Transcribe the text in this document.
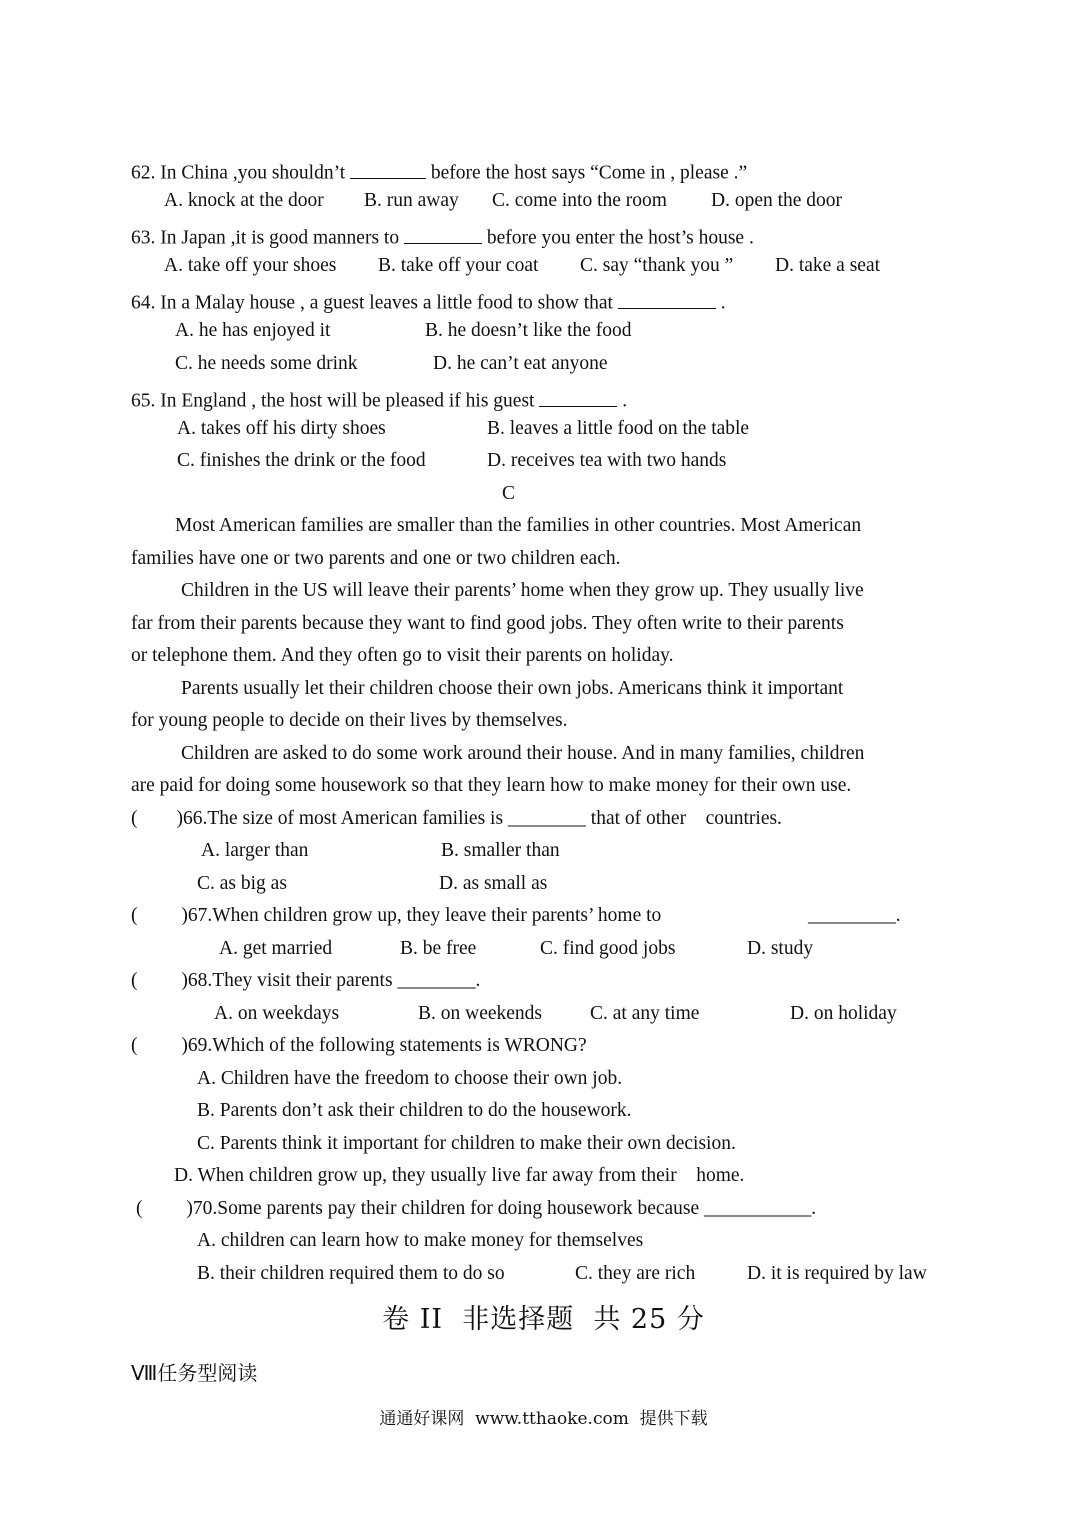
62. In China ,you shouldn’t	before the host says “Come in , please .”
A. knock at the door B. run away C. come into the room D. open the door
63. In Japan ,it is good manners to	before you enter the host’s house .
A. take off your shoes B. take off your coat C. say “thank you ” D. take a seat
64. In a Malay house , a guest leaves a little food to show that	.
A. he has enjoyed it	B. he doesn’t like the food
C. he needs some drink	D. he can’t eat anyone
65. In England , the host will be pleased if his guest	.
A. takes off his dirty shoes	B. leaves a little food on the table
C. finishes the drink or the food	D. receives tea with two hands
C
Most American families are smaller than the families in other countries. Most American
families have one or two parents and one or two children each.
Children in the US will leave their parents’ home when they grow up. They usually live
far from their parents because they want to find good jobs. They often write to their parents
or telephone them. And they often go to visit their parents on holiday.
Parents usually let their children choose their own jobs. Americans think it important
for young people to decide on their lives by themselves.
Children are asked to do some work around their house. And in many families, children
are paid for doing some housework so that they learn how to make money for their own use.
(        )66.The size of most American families is ________ that of other    countries.
A. larger than	B. smaller than
C. as big as	D. as small as
(         )67.When children grow up, they leave their parents’ home to	_________.
A. get married	B. be free	C. find good jobs	D. study
(         )68.They visit their parents ________.
A. on weekdays	B. on weekends C. at any time	D. on holiday
(         )69.Which of the following statements is WRONG?
A. Children have the freedom to choose their own job.
B. Parents don’t ask their children to do the housework.
C. Parents think it important for children to make their own decision.
D. When children grow up, they usually live far away from their    home.
(         )70.Some parents pay their children for doing housework because ___________.
A. children can learn how to make money for themselves
B. their children required them to do so	C. they are rich	D. it is required by law
卷 II  非选择题  共 25 分
Ⅷ任务型阅读
通通好课网  www.tthaoke.com  提供下载
